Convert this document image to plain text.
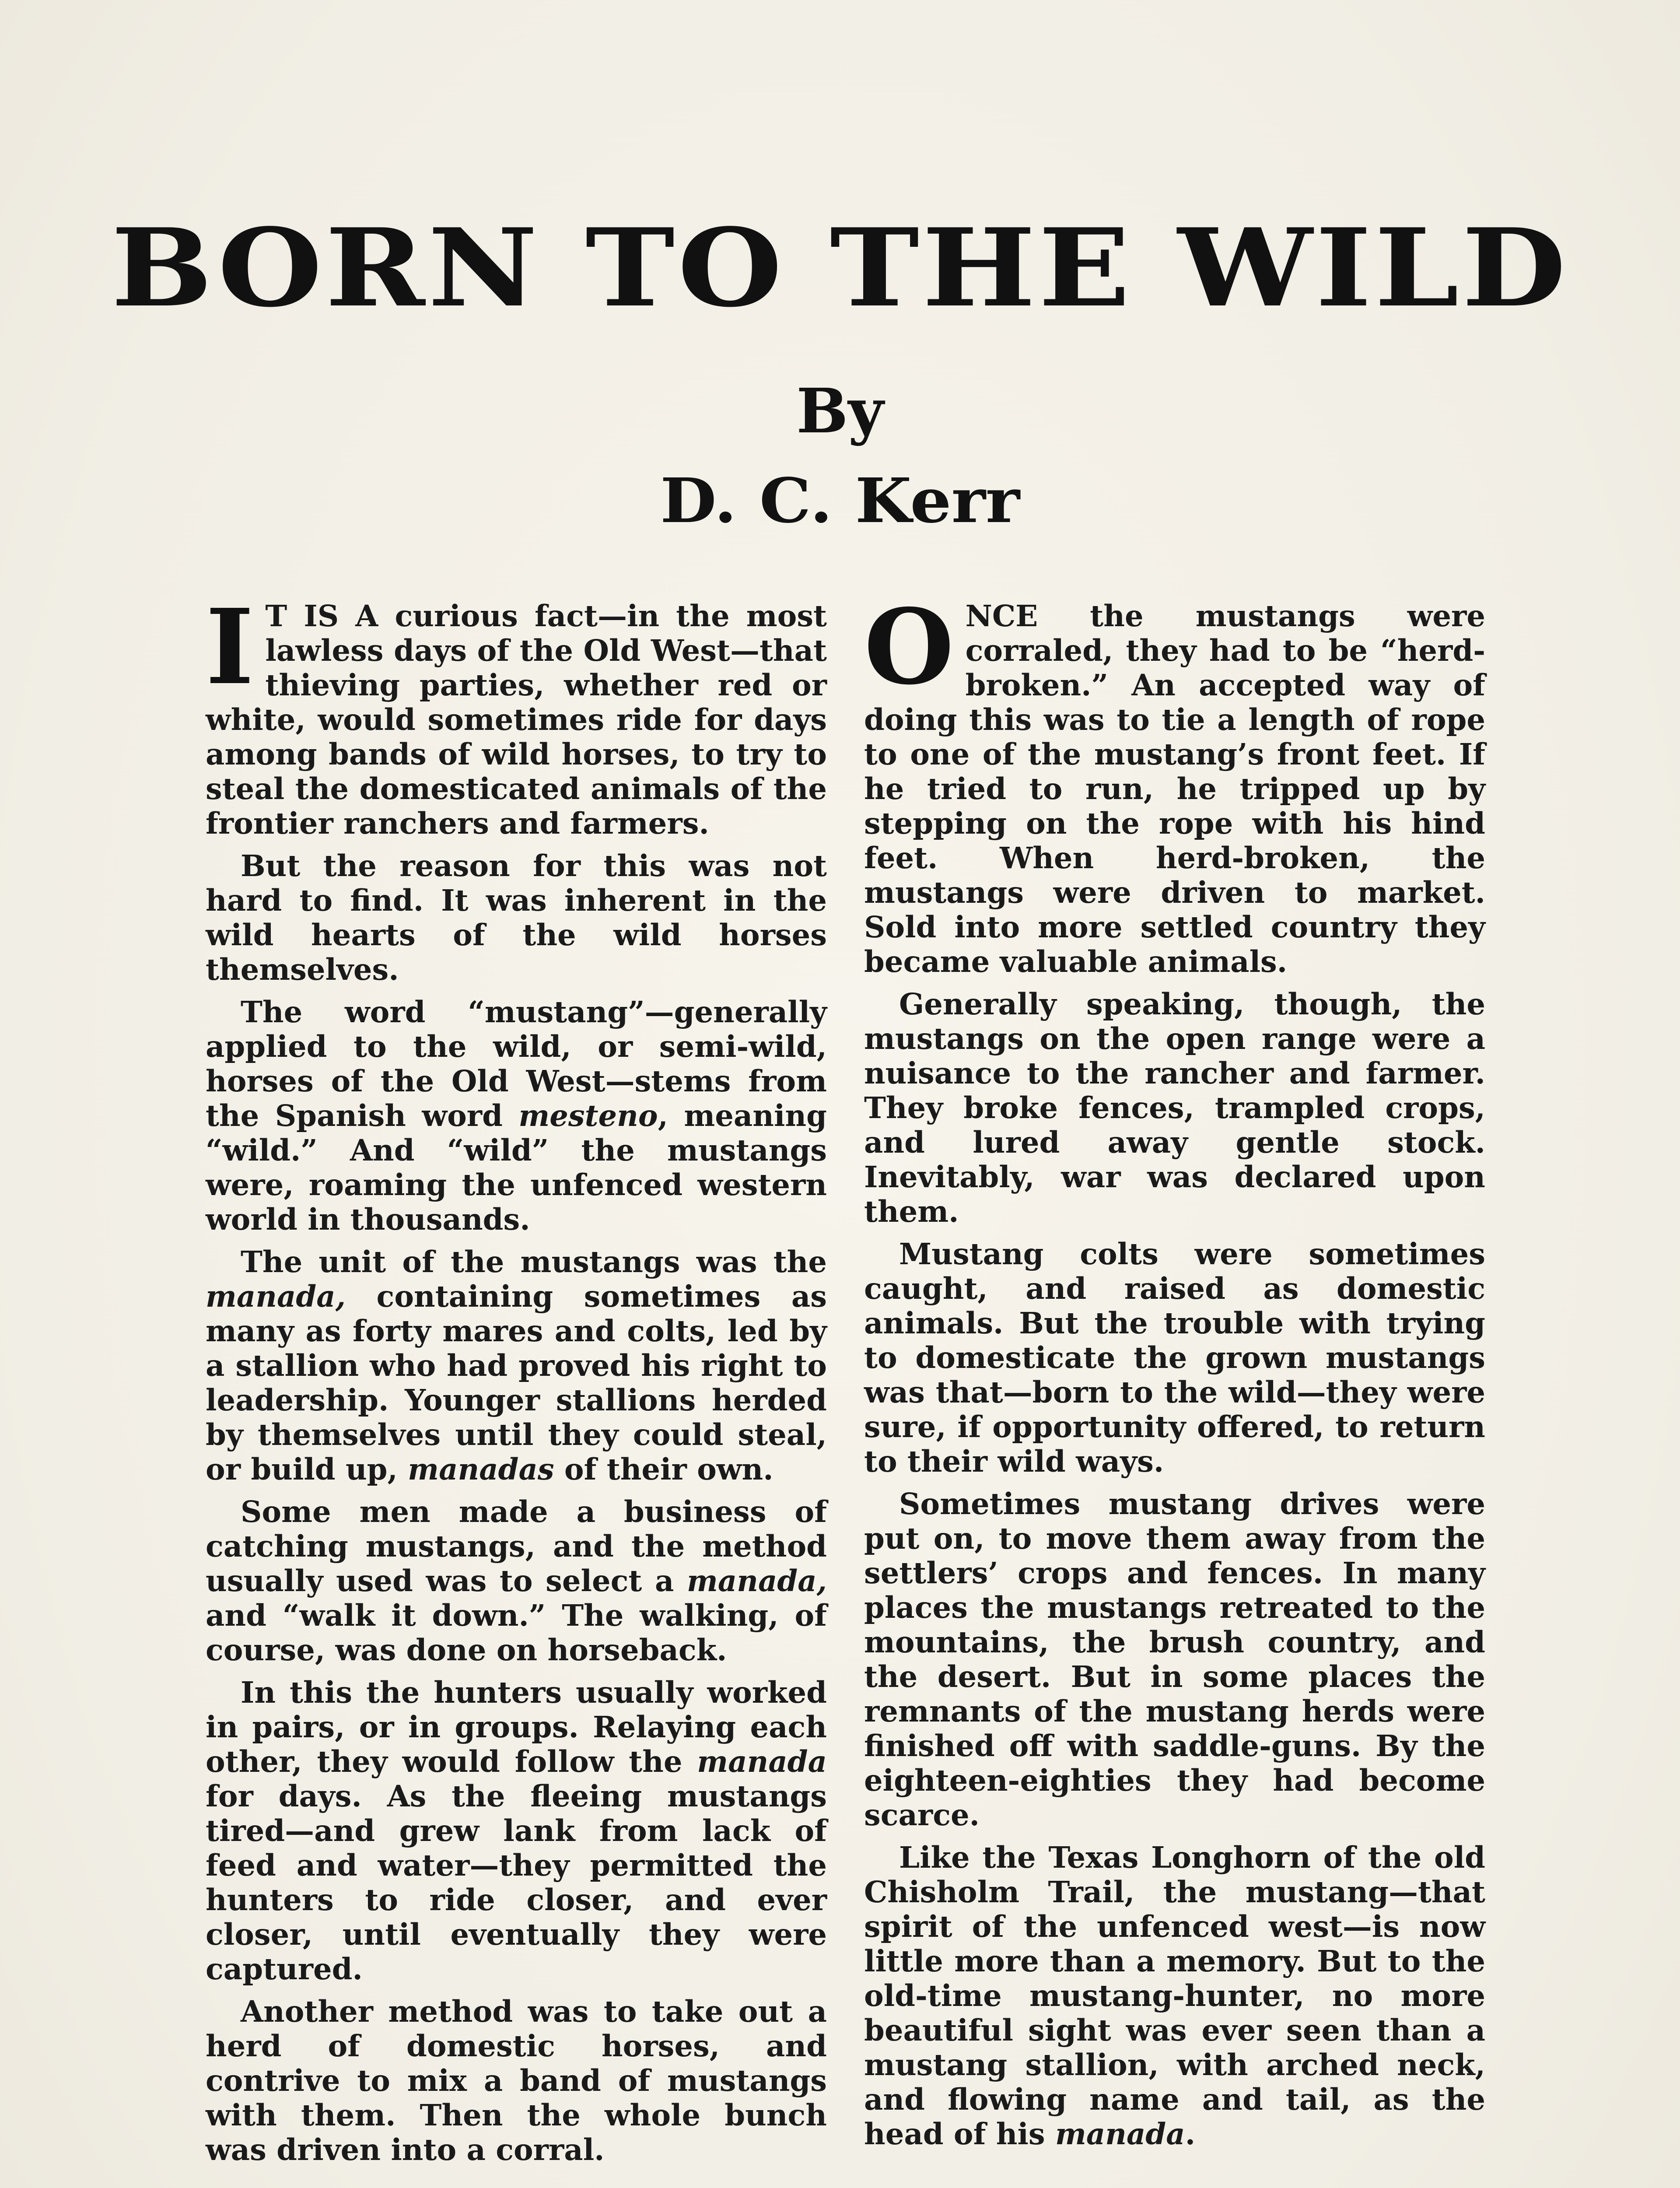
BORN TO THE WILD
By
D. C. Kerr

I T IS A curious fact—in the most lawless days of the Old West—that thieving parties, whether red or white, would sometimes ride for days among bands of wild horses, to try to steal the domesticated animals of the frontier ranchers and farmers.

But the reason for this was not hard to find. It was inherent in the wild hearts of the wild horses themselves.

The word “mustang”—generally applied to the wild, or semi-wild, horses of the Old West—stems from the Spanish word mesteno, meaning “wild.” And “wild” the mustangs were, roaming the unfenced western world in thousands.

The unit of the mustangs was the manada, containing sometimes as many as forty mares and colts, led by a stallion who had proved his right to leadership. Younger stallions herded by themselves until they could steal, or build up, manadas of their own.

Some men made a business of catching mustangs, and the method usually used was to select a manada, and “walk it down.” The walking, of course, was done on horseback.

In this the hunters usually worked in pairs, or in groups. Relaying each other, they would follow the manada for days. As the fleeing mustangs tired—and grew lank from lack of feed and water—they permitted the hunters to ride closer, and ever closer, until eventually they were captured.

Another method was to take out a herd of domestic horses, and contrive to mix a band of mustangs with them. Then the whole bunch was driven into a corral.

ONCE the mustangs were corraled, they had to be “herd-broken.” An accepted way of doing this was to tie a length of rope to one of the mustang’s front feet. If he tried to run, he tripped up by stepping on the rope with his hind feet. When herd-broken, the mustangs were driven to market. Sold into more settled country they became valuable animals.

Generally speaking, though, the mustangs on the open range were a nuisance to the rancher and farmer. They broke fences, trampled crops, and lured away gentle stock. Inevitably, war was declared upon them.

Mustang colts were sometimes caught, and raised as domestic animals. But the trouble with trying to domesticate the grown mustangs was that—born to the wild—they were sure, if opportunity offered, to return to their wild ways.

Sometimes mustang drives were put on, to move them away from the settlers’ crops and fences. In many places the mustangs retreated to the mountains, the brush country, and the desert. But in some places the remnants of the mustang herds were finished off with saddle-guns. By the eighteen-eighties they had become scarce.

Like the Texas Longhorn of the old Chisholm Trail, the mustang—that spirit of the unfenced west—is now little more than a memory. But to the old-time mustang-hunter, no more beautiful sight was ever seen than a mustang stallion, with arched neck, and flowing name and tail, as the head of his manada.
